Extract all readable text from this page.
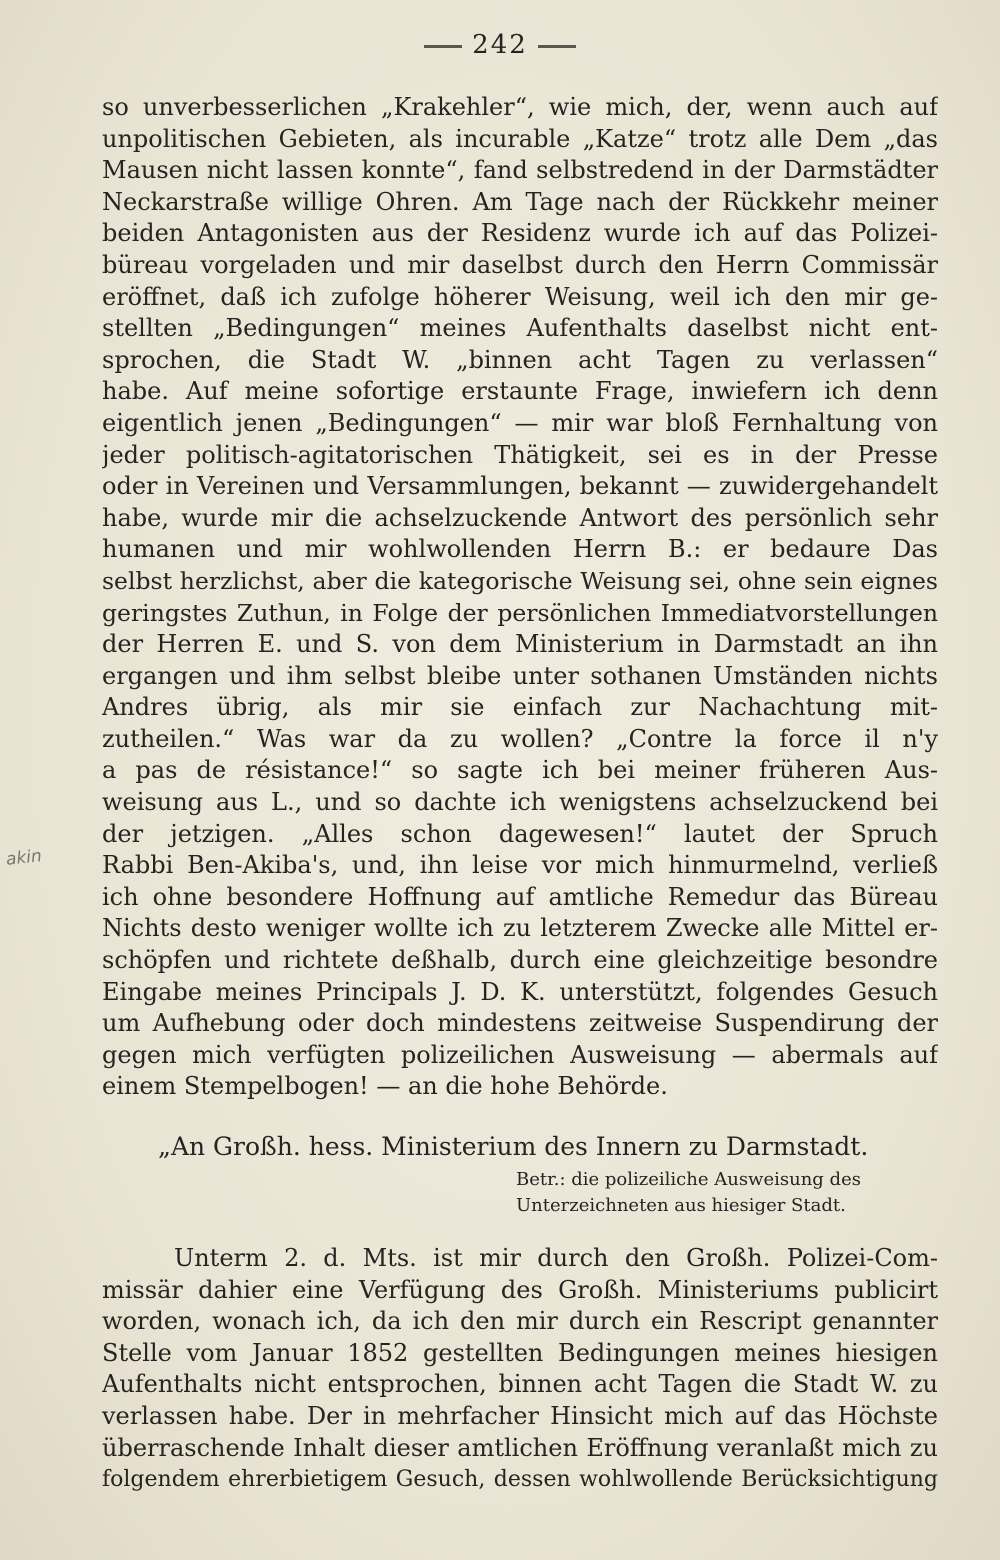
242
akin
so unverbesserlichen „Krakehler“, wie mich, der, wenn auch auf
unpolitischen Gebieten, als incurable „Katze“ trotz alle Dem „das
Mausen nicht lassen konnte“, fand selbstredend in der Darmstädter
Neckarstraße willige Ohren. Am Tage nach der Rückkehr meiner
beiden Antagonisten aus der Residenz wurde ich auf das Polizei-
büreau vorgeladen und mir daselbst durch den Herrn Commissär
eröffnet, daß ich zufolge höherer Weisung, weil ich den mir ge-
stellten „Bedingungen“ meines Aufenthalts daselbst nicht ent-
sprochen, die Stadt W. „binnen acht Tagen zu verlassen“
habe. Auf meine sofortige erstaunte Frage, inwiefern ich denn
eigentlich jenen „Bedingungen“ — mir war bloß Fernhaltung von
jeder politisch-agitatorischen Thätigkeit, sei es in der Presse
oder in Vereinen und Versammlungen, bekannt — zuwidergehandelt
habe, wurde mir die achselzuckende Antwort des persönlich sehr
humanen und mir wohlwollenden Herrn B.: er bedaure Das
selbst herzlichst, aber die kategorische Weisung sei, ohne sein eignes
geringstes Zuthun, in Folge der persönlichen Immediatvorstellungen
der Herren E. und S. von dem Ministerium in Darmstadt an ihn
ergangen und ihm selbst bleibe unter sothanen Umständen nichts
Andres übrig, als mir sie einfach zur Nachachtung mit-
zutheilen.“ Was war da zu wollen? „Contre la force il n'y
a pas de résistance!“ so sagte ich bei meiner früheren Aus-
weisung aus L., und so dachte ich wenigstens achselzuckend bei
der jetzigen. „Alles schon dagewesen!“ lautet der Spruch
Rabbi Ben-Akiba's, und, ihn leise vor mich hinmurmelnd, verließ
ich ohne besondere Hoffnung auf amtliche Remedur das Büreau
Nichts desto weniger wollte ich zu letzterem Zwecke alle Mittel er-
schöpfen und richtete deßhalb, durch eine gleichzeitige besondre
Eingabe meines Principals J. D. K. unterstützt, folgendes Gesuch
um Aufhebung oder doch mindestens zeitweise Suspendirung der
gegen mich verfügten polizeilichen Ausweisung — abermals auf
einem Stempelbogen! — an die hohe Behörde.
„An Großh. hess. Ministerium des Innern zu Darmstadt.
Betr.: die polizeiliche Ausweisung des
Unterzeichneten aus hiesiger Stadt.
Unterm 2. d. Mts. ist mir durch den Großh. Polizei-Com-
missär dahier eine Verfügung des Großh. Ministeriums publicirt
worden, wonach ich, da ich den mir durch ein Rescript genannter
Stelle vom Januar 1852 gestellten Bedingungen meines hiesigen
Aufenthalts nicht entsprochen, binnen acht Tagen die Stadt W. zu
verlassen habe. Der in mehrfacher Hinsicht mich auf das Höchste
überraschende Inhalt dieser amtlichen Eröffnung veranlaßt mich zu
folgendem ehrerbietigem Gesuch, dessen wohlwollende Berücksichtigung
